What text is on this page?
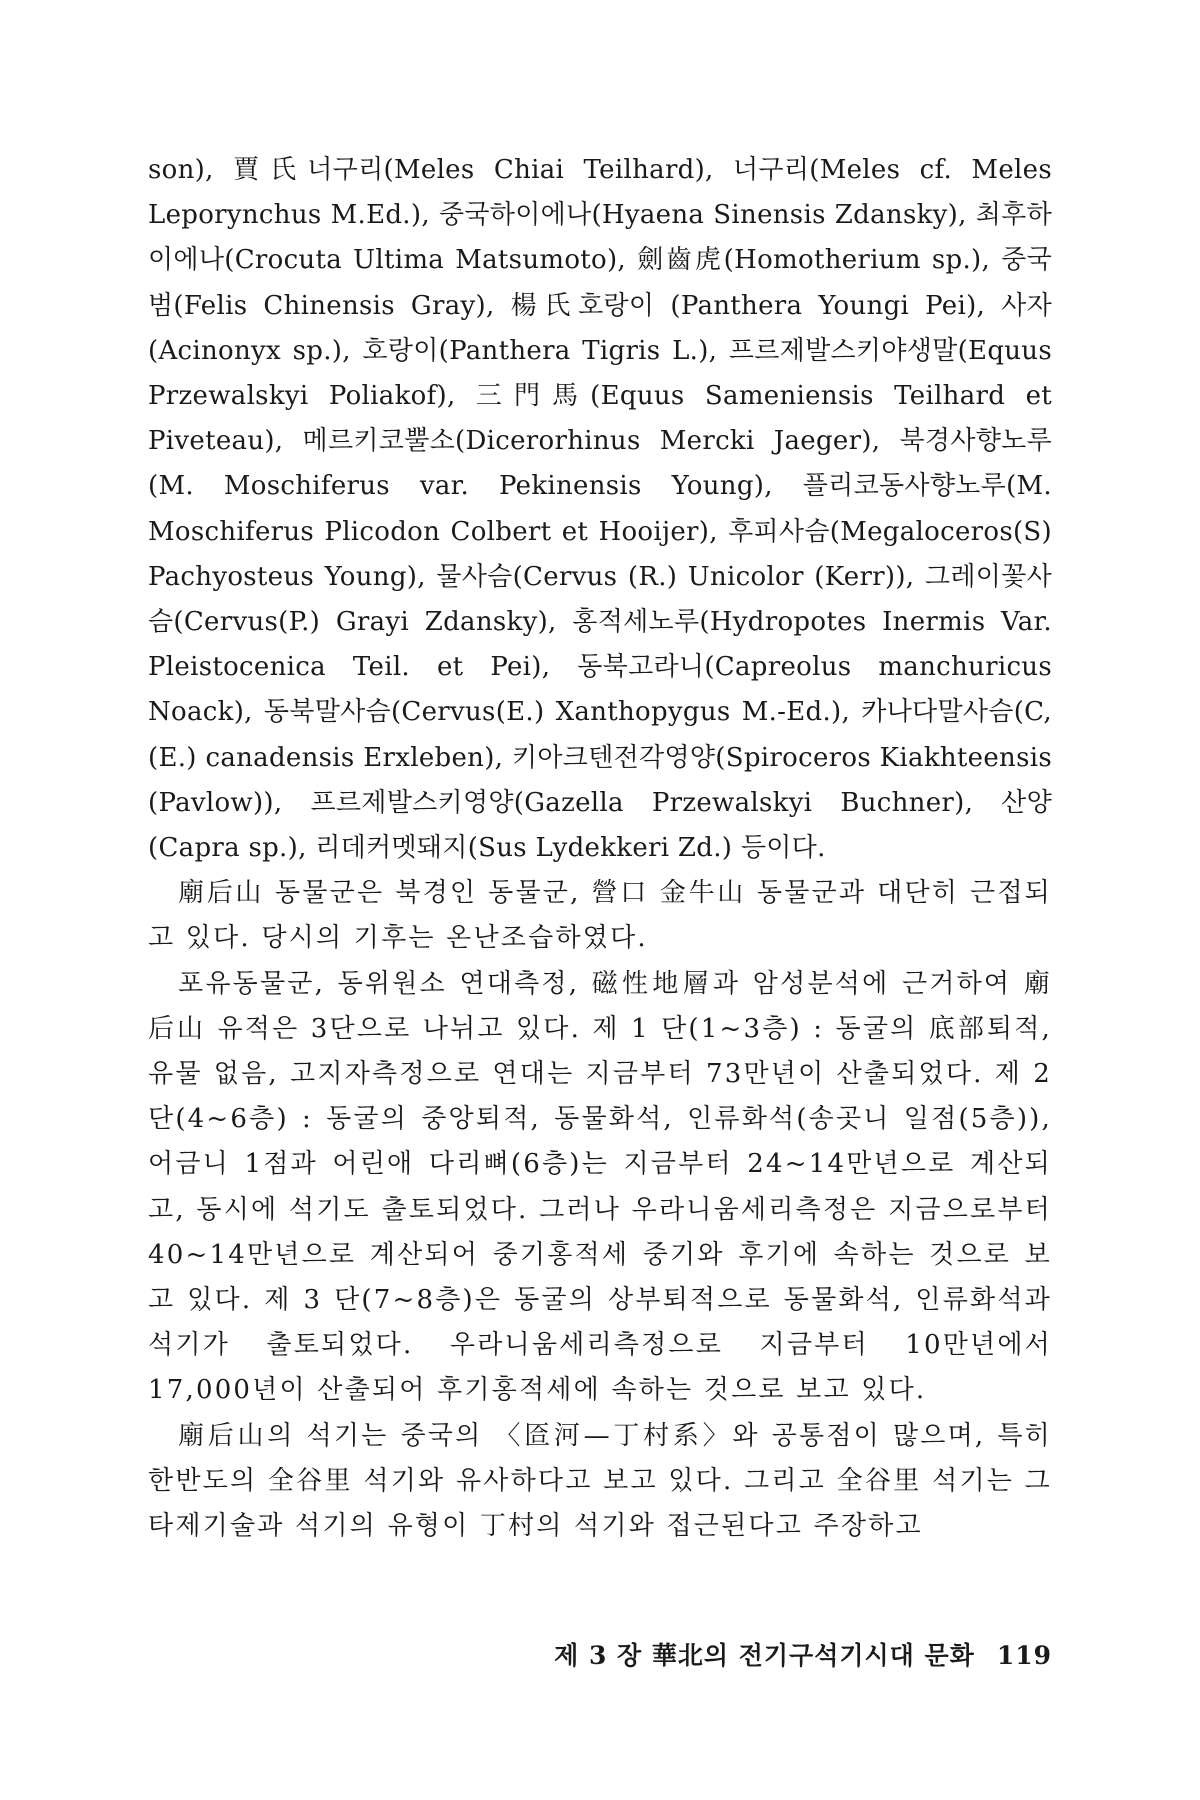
son), 賈氏너구리(Meles Chiai Teilhard), 너구리(Meles cf. Meles Leporynchus M.Ed.), 중국하이에나(Hyaena Sinensis Zdansky), 최후하이에나(Crocuta Ultima Matsumoto), 劍齒虎(Homotherium sp.), 중국범(Felis Chinensis Gray), 楊氏호랑이 (Panthera Youngi Pei), 사자(Acinonyx sp.), 호랑이(Panthera Tigris L.), 프르제발스키야생말(Equus Przewalskyi Poliakof), 三門馬(Equus Sameniensis Teilhard et Piveteau), 메르키코뿔소(Dicerorhinus Mercki Jaeger), 북경사향노루(M. Moschiferus var. Pekinensis Young), 플리코동사향노루(M. Moschiferus Plicodon Colbert et Hooijer), 후피사슴(Megaloceros(S) Pachyosteus Young), 물사슴(Cervus (R.) Unicolor (Kerr)), 그레이꽃사슴(Cervus(P.) Grayi Zdansky), 홍적세노루(Hydropotes Inermis Var. Pleistocenica Teil. et Pei), 동북고라니(Capreolus manchuricus Noack), 동북말사슴(Cervus(E.) Xanthopygus M.-Ed.), 카나다말사슴(C,(E.) canadensis Erxleben), 키아크텐전각영양(Spiroceros Kiakhteensis (Pavlow)), 프르제발스키영양(Gazella Przewalskyi Buchner), 산양(Capra sp.), 리데커멧돼지(Sus Lydekkeri Zd.) 등이다.

廟后山 동물군은 북경인 동물군, 營口 金牛山 동물군과 대단히 근접되고 있다. 당시의 기후는 온난조습하였다.

포유동물군, 동위원소 연대측정, 磁性地層과 암성분석에 근거하여 廟后山 유적은 3단으로 나뉘고 있다. 제 1 단(1~3층) : 동굴의 底部퇴적, 유물 없음, 고지자측정으로 연대는 지금부터 73만년이 산출되었다. 제 2 단(4~6층) : 동굴의 중앙퇴적, 동물화석, 인류화석(송곳니 일점(5층)), 어금니 1점과 어린애 다리뼈(6층)는 지금부터 24~14만년으로 계산되고, 동시에 석기도 출토되었다. 그러나 우라니움세리측정은 지금으로부터 40~14만년으로 계산되어 중기홍적세 중기와 후기에 속하는 것으로 보고 있다. 제 3 단(7~8층)은 동굴의 상부퇴적으로 동물화석, 인류화석과 석기가 출토되었다. 우라니움세리측정으로 지금부터 10만년에서 17,000년이 산출되어 후기홍적세에 속하는 것으로 보고 있다.

廟后山의 석기는 중국의 〈匼河—丁村系〉와 공통점이 많으며, 특히 한반도의 全谷里 석기와 유사하다고 보고 있다. 그리고 全谷里 석기는 그 타제기술과 석기의 유형이 丁村의 석기와 접근된다고 주장하고

제 3 장 華北의 전기구석기시대 문화 119
